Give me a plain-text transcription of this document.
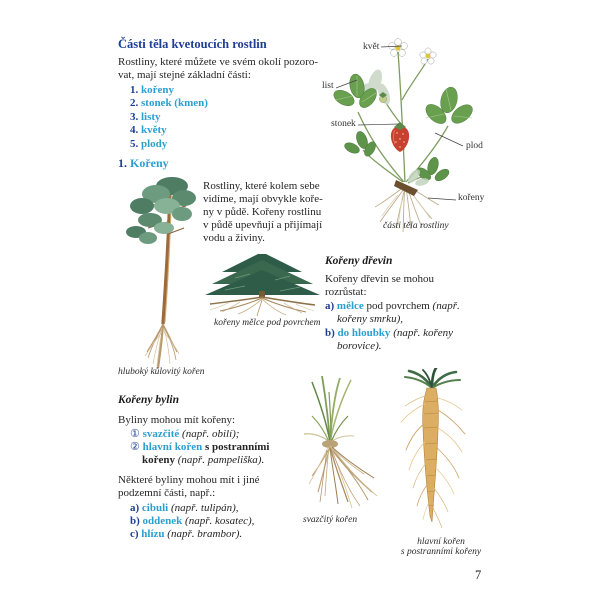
Části těla kvetoucích rostlin
Rostliny, které můžete ve svém okolí pozoro-
vat, mají stejné základní části:
1. kořeny
2. stonek (kmen)
3. listy
4. květy
5. plody
1. Kořeny
Rostliny, které kolem sebe
vidíme, mají obvykle koře-
ny v půdě. Kořeny rostlinu
v půdě upevňují a přijímají
vodu a živiny.
květ
list
stonek
plod
kořeny
části těla rostliny
hluboký kůlovitý kořen
kořeny mělce pod povrchem
Kořeny dřevin
Kořeny dřevin se mohou
rozrůstat:
a) mělce pod povrchem (např.
kořeny smrku),
b) do hloubky (např. kořeny
borovice).
Kořeny bylin
Byliny mohou mít kořeny:
① svazčité (např. obilí);
② hlavní kořen s postranními
kořeny (např. pampeliška).
Některé byliny mohou mít i jiné
podzemní části, např.:
a) cibuli (např. tulipán),
b) oddenek (např. kosatec),
c) hlízu (např. brambor).
svazčitý kořen
hlavní kořen
s postranními kořeny
7
